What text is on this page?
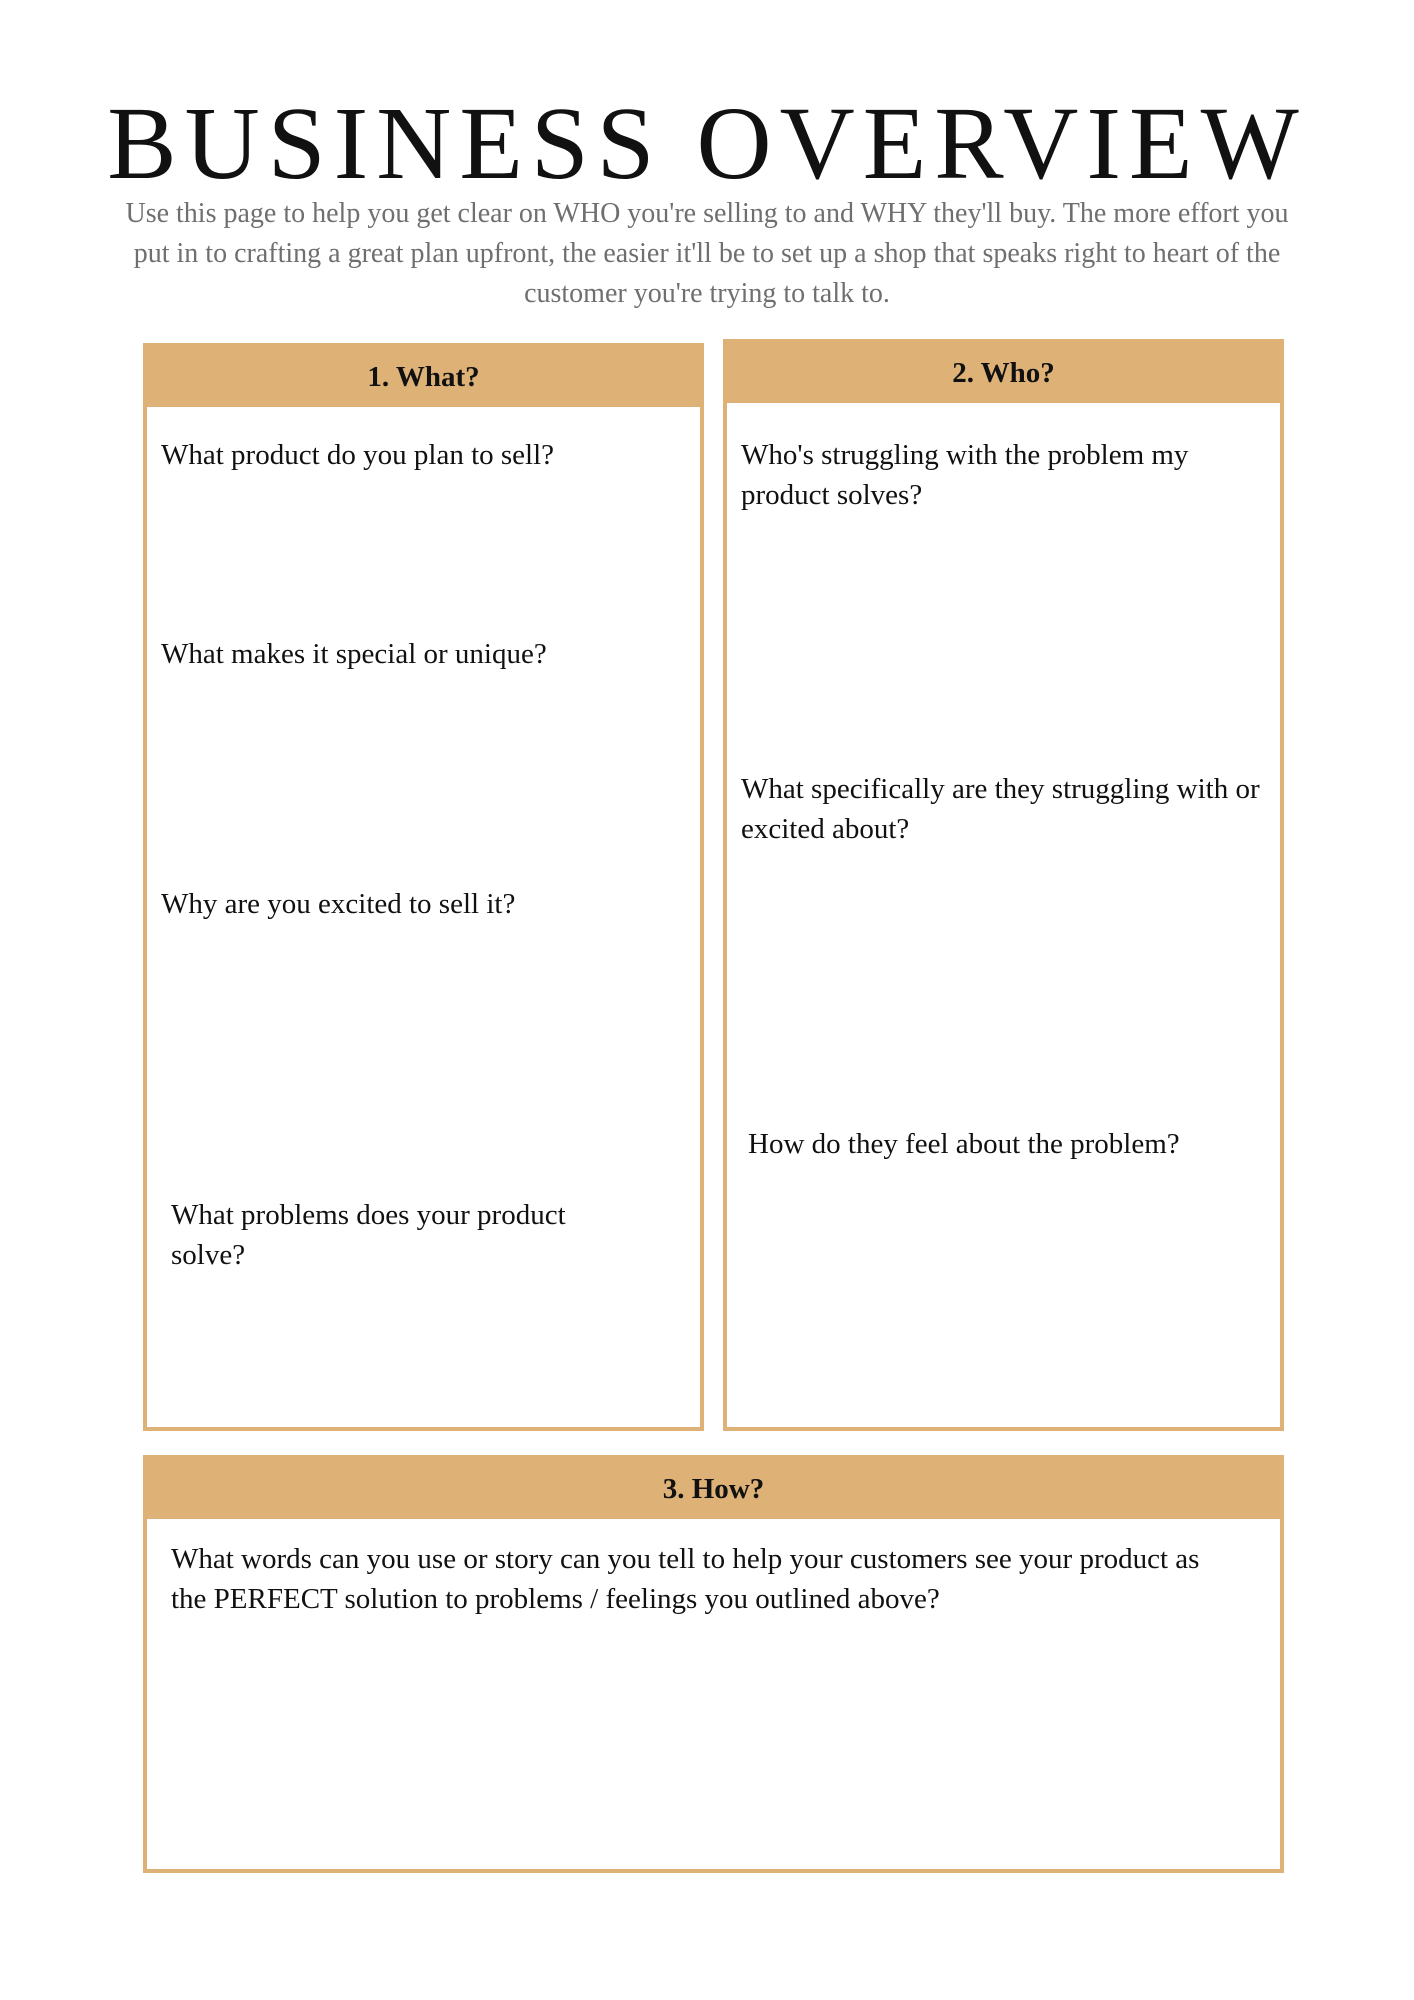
BUSINESS OVERVIEW

Use this page to help you get clear on WHO you're selling to and WHY they'll buy. The more effort you put in to crafting a great plan upfront, the easier it'll be to set up a shop that speaks right to heart of the customer you're trying to talk to.

1. What?

What product do you plan to sell?

What makes it special or unique?

Why are you excited to sell it?

What problems does your product solve?

2. Who?

Who's struggling with the problem my product solves?

What specifically are they struggling with or excited about?

How do they feel about the problem?

3. How?

What words can you use or story can you tell to help your customers see your product as the PERFECT solution to problems / feelings you outlined above?
